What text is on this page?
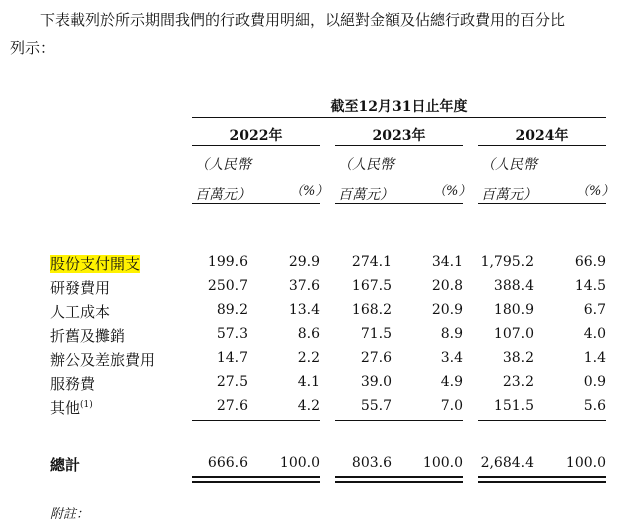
下表載列於所示期間我們的行政費用明細，以絕對金額及佔總行政費用的百分比
列示：
截至12月31日止年度
2022年	2023年	2024年
（人民幣
百萬元）	（%）
（人民幣
百萬元）	（%）
（人民幣
百萬元）	（%）
股份支付開支	199.6	29.9	274.1	34.1	1,795.2	66.9
研發費用	250.7	37.6	167.5	20.8	388.4	14.5
人工成本	89.2	13.4	168.2	20.9	180.9	6.7
折舊及攤銷	57.3	8.6	71.5	8.9	107.0	4.0
辦公及差旅費用	14.7	2.2	27.6	3.4	38.2	1.4
服務費	27.5	4.1	39.0	4.9	23.2	0.9
其他$^{(1)}$	27.6	4.2	55.7	7.0	151.5	5.6
總計	666.6	100.0	803.6	100.0	2,684.4	100.0
附註：
